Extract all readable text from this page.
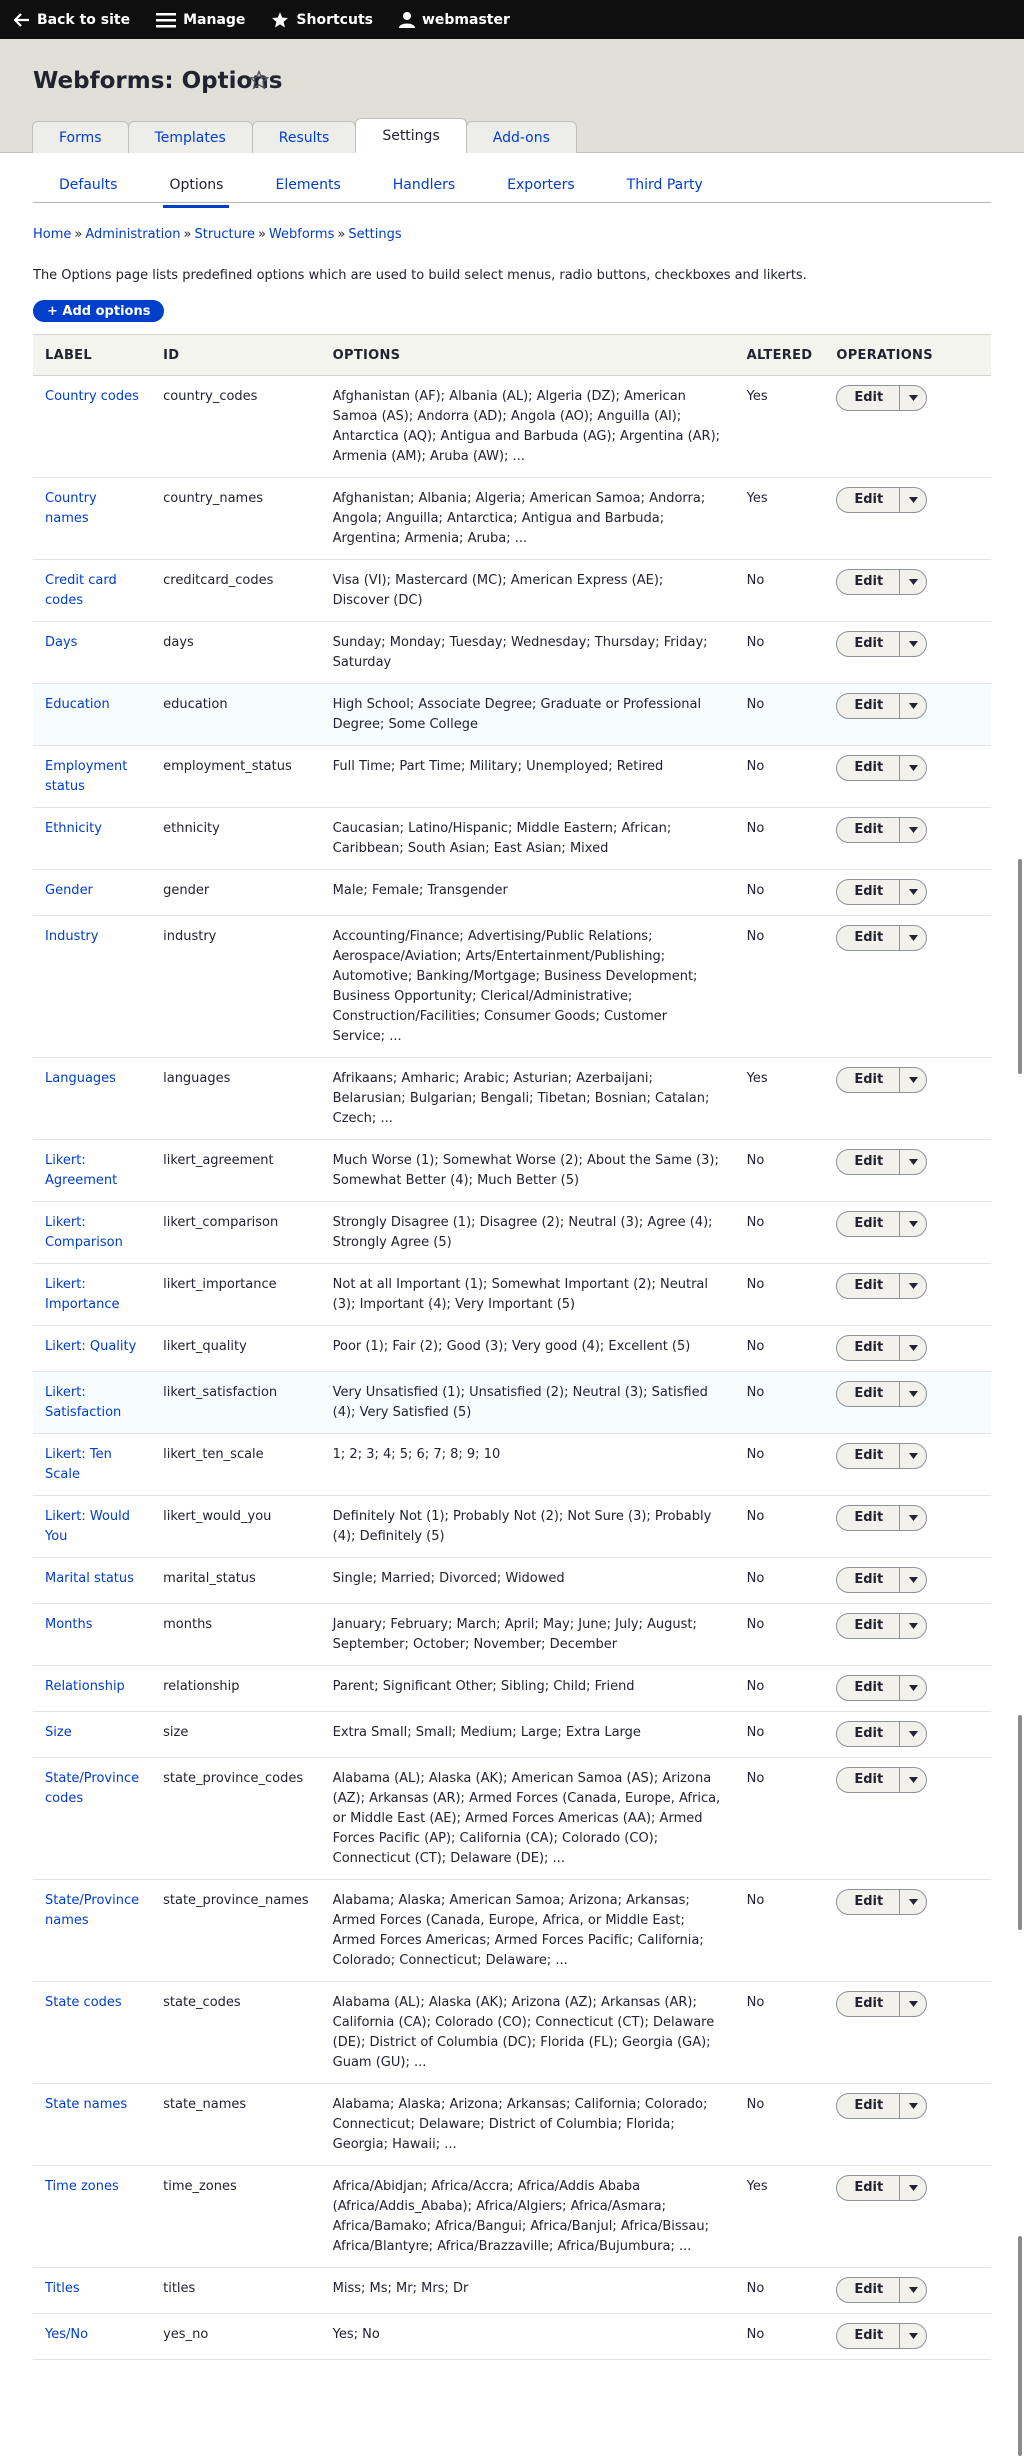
Back to site	Manage	Shortcuts	webmaster
Webforms: Options
Forms	Templates	Results	Settings	Add-ons
Defaults	Options	Elements	Handlers	Exporters	Third Party
Home » Administration » Structure » Webforms » Settings

The Options page lists predefined options which are used to build select menus, radio buttons, checkboxes and likerts.

+ Add options
LABEL	ID	OPTIONS	ALTERED	OPERATIONS
Country codes	country_codes	Afghanistan (AF); Albania (AL); Algeria (DZ); American Samoa (AS); Andorra (AD); Angola (AO); Anguilla (AI); Antarctica (AQ); Antigua and Barbuda (AG); Argentina (AR); Armenia (AM); Aruba (AW); ...	Yes	Edit

Country names	country_names	Afghanistan; Albania; Algeria; American Samoa; Andorra; Angola; Anguilla; Antarctica; Antigua and Barbuda; Argentina; Armenia; Aruba; ...	Yes	Edit

Credit card codes	creditcard_codes	Visa (VI); Mastercard (MC); American Express (AE); Discover (DC)	No	Edit

Days	days	Sunday; Monday; Tuesday; Wednesday; Thursday; Friday; Saturday	No	Edit

Education	education	High School; Associate Degree; Graduate or Professional Degree; Some College	No	Edit

Employment status	employment_status	Full Time; Part Time; Military; Unemployed; Retired	No	Edit

Ethnicity	ethnicity	Caucasian; Latino/Hispanic; Middle Eastern; African; Caribbean; South Asian; East Asian; Mixed	No	Edit

Gender	gender	Male; Female; Transgender	No	Edit

Industry	industry	Accounting/Finance; Advertising/Public Relations; Aerospace/Aviation; Arts/Entertainment/Publishing; Automotive; Banking/Mortgage; Business Development; Business Opportunity; Clerical/Administrative; Construction/Facilities; Consumer Goods; Customer Service; ...	No	Edit

Languages	languages	Afrikaans; Amharic; Arabic; Asturian; Azerbaijani; Belarusian; Bulgarian; Bengali; Tibetan; Bosnian; Catalan; Czech; ...	Yes	Edit

Likert: Agreement	likert_agreement	Much Worse (1); Somewhat Worse (2); About the Same (3); Somewhat Better (4); Much Better (5)	No	Edit

Likert: Comparison	likert_comparison	Strongly Disagree (1); Disagree (2); Neutral (3); Agree (4); Strongly Agree (5)	No	Edit

Likert: Importance	likert_importance	Not at all Important (1); Somewhat Important (2); Neutral (3); Important (4); Very Important (5)	No	Edit

Likert: Quality	likert_quality	Poor (1); Fair (2); Good (3); Very good (4); Excellent (5)	No	Edit

Likert: Satisfaction	likert_satisfaction	Very Unsatisfied (1); Unsatisfied (2); Neutral (3); Satisfied (4); Very Satisfied (5)	No	Edit

Likert: Ten Scale	likert_ten_scale	1; 2; 3; 4; 5; 6; 7; 8; 9; 10	No	Edit

Likert: Would You	likert_would_you	Definitely Not (1); Probably Not (2); Not Sure (3); Probably (4); Definitely (5)	No	Edit

Marital status	marital_status	Single; Married; Divorced; Widowed	No	Edit

Months	months	January; February; March; April; May; June; July; August; September; October; November; December	No	Edit

Relationship	relationship	Parent; Significant Other; Sibling; Child; Friend	No	Edit

Size	size	Extra Small; Small; Medium; Large; Extra Large	No	Edit

State/Province codes	state_province_codes	Alabama (AL); Alaska (AK); American Samoa (AS); Arizona (AZ); Arkansas (AR); Armed Forces (Canada, Europe, Africa, or Middle East (AE); Armed Forces Americas (AA); Armed Forces Pacific (AP); California (CA); Colorado (CO); Connecticut (CT); Delaware (DE); ...	No	Edit

State/Province names	state_province_names	Alabama; Alaska; American Samoa; Arizona; Arkansas; Armed Forces (Canada, Europe, Africa, or Middle East; Armed Forces Americas; Armed Forces Pacific; California; Colorado; Connecticut; Delaware; ...	No	Edit

State codes	state_codes	Alabama (AL); Alaska (AK); Arizona (AZ); Arkansas (AR); California (CA); Colorado (CO); Connecticut (CT); Delaware (DE); District of Columbia (DC); Florida (FL); Georgia (GA); Guam (GU); ...	No	Edit

State names	state_names	Alabama; Alaska; Arizona; Arkansas; California; Colorado; Connecticut; Delaware; District of Columbia; Florida; Georgia; Hawaii; ...	No	Edit

Time zones	time_zones	Africa/Abidjan; Africa/Accra; Africa/Addis Ababa (Africa/Addis_Ababa); Africa/Algiers; Africa/Asmara; Africa/Bamako; Africa/Bangui; Africa/Banjul; Africa/Bissau; Africa/Blantyre; Africa/Brazzaville; Africa/Bujumbura; ...	Yes	Edit

Titles	titles	Miss; Ms; Mr; Mrs; Dr	No	Edit

Yes/No	yes_no	Yes; No	No	Edit
